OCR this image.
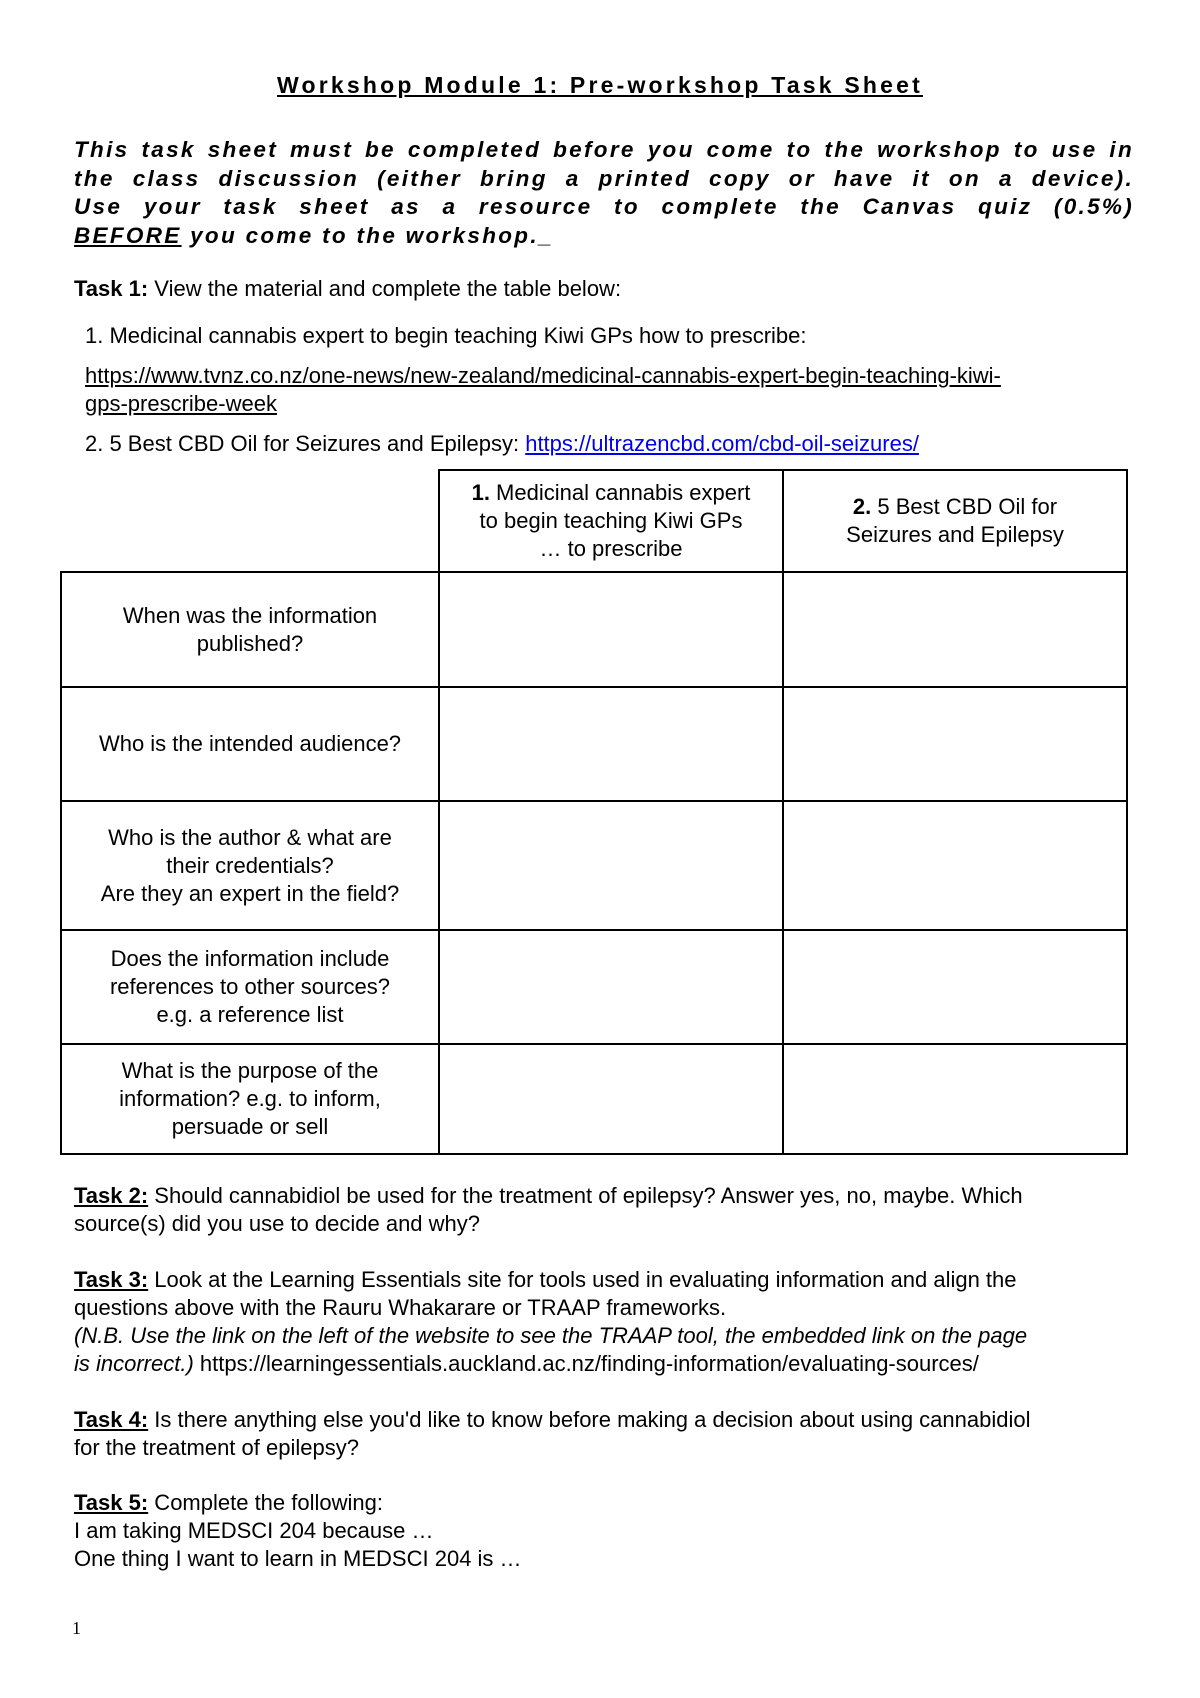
Workshop Module 1: Pre-workshop Task Sheet
This task sheet must be completed before you come to the workshop to use in
the class discussion (either bring a printed copy or have it on a device).
Use your task sheet as a resource to complete the Canvas quiz (0.5%)
BEFORE you come to the workshop._
Task 1: View the material and complete the table below:
1. Medicinal cannabis expert to begin teaching Kiwi GPs how to prescribe:
https://www.tvnz.co.nz/one-news/new-zealand/medicinal-cannabis-expert-begin-teaching-kiwi-
gps-prescribe-week
2. 5 Best CBD Oil for Seizures and Epilepsy: https://ultrazencbd.com/cbd-oil-seizures/
	1. Medicinal cannabis expert
to begin teaching Kiwi GPs
… to prescribe	2. 5 Best CBD Oil for
Seizures and Epilepsy
When was the information
published?		
Who is the intended audience?		
Who is the author & what are
their credentials?
Are they an expert in the field?		
Does the information include
references to other sources?
e.g. a reference list		
What is the purpose of the
information? e.g. to inform,
persuade or sell		
Task 2: Should cannabidiol be used for the treatment of epilepsy? Answer yes, no, maybe. Which
source(s) did you use to decide and why?
Task 3: Look at the Learning Essentials site for tools used in evaluating information and align the
questions above with the Rauru Whakarare or TRAAP frameworks.
(N.B. Use the link on the left of the website to see the TRAAP tool, the embedded link on the page
is incorrect.) https://learningessentials.auckland.ac.nz/finding-information/evaluating-sources/
Task 4: Is there anything else you'd like to know before making a decision about using cannabidiol
for the treatment of epilepsy?
Task 5: Complete the following:
I am taking MEDSCI 204 because …
One thing I want to learn in MEDSCI 204 is …
1
